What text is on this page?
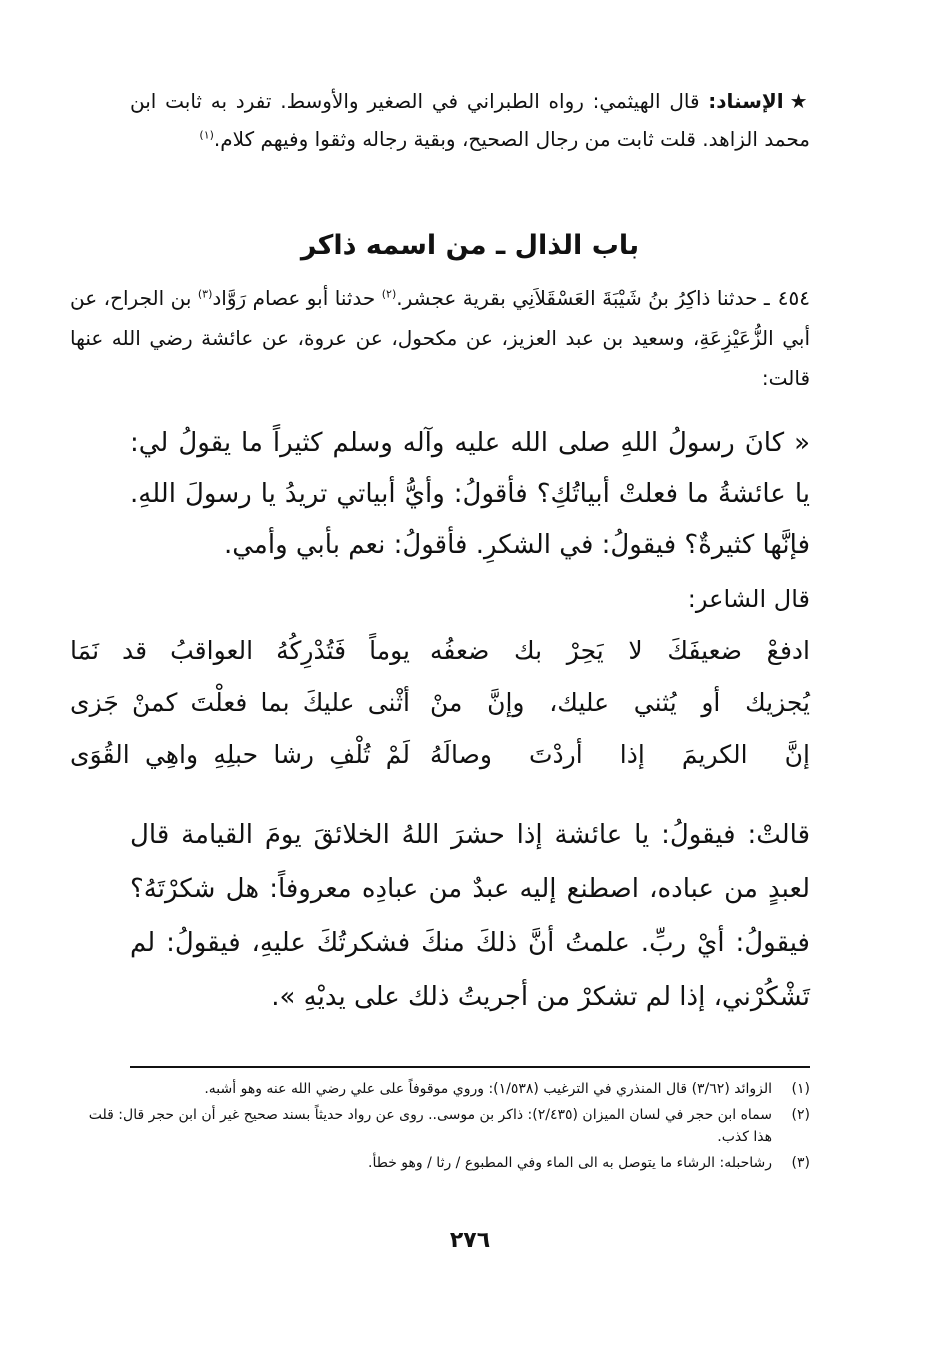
★الإسناد: قال الهيثمي: رواه الطبراني في الصغير والأوسط. تفرد به ثابت ابن محمد الزاهد. قلت ثابت من رجال الصحيح، وبقية رجاله وثقوا وفيهم كلام.$^{(١)}$
باب الذال ـ من اسمه ذاكر
٤٥٤ـ حدثنا ذاكِرُ بنُ شَيْبَةَ العَسْقَلاَنِي بقرية عجشر.$^{(٢)}$ حدثنا أبو عصام رَوَّاد$^{(٣)}$ بن الجراح، عن أبي الزُّعَيْزِعَةِ، وسعيد بن عبد العزيز، عن مكحول، عن عروة، عن عائشة رضي الله عنها قالت:
« كانَ رسولُ اللهِ صلى الله عليه وآله وسلم كثيراً ما يقولُ لي: يا عائشةُ ما فعلتْ أبياتُكِ؟ فأقولُ: وأيُّ أبياتي تريدُ يا رسولَ اللهِ. فإنَّها كثيرةٌ؟ فيقولُ: في الشكرِ. فأقولُ: نعم بأبي وأمي.
قال الشاعر:
ادفعْ ضعيفَكَ لا يَحِرْ بك ضعفُه
يوماً فَتُدْرِكُهُ العواقبُ قد نَمَا
يُجزيك أو يُثني عليك، وإنَّ منْ
أثْنى عليكَ بما فعلْتَ كمنْ جَزى
إنَّ الكريمَ إذا أردْتَ وصالَهُ
لَمْ تُلْفِ رشا حبلِهِ واهِي القُوَى
قالتْ: فيقولُ: يا عائشة إذا حشرَ اللهُ الخلائقَ يومَ القيامة قال لعبدٍ من عباده، اصطنع إليه عبدٌ من عبادِه معروفاً: هل شكرْتَهُ؟ فيقولُ: أيْ ربِّ. علمتُ أنَّ ذلكَ منكَ فشكرتُكَ عليهِ، فيقولُ: لم تَشْكُرْني، إذا لم تشكرْ من أجريتُ ذلك على يديْهِ ».
(١)
الزوائد (٣/٦٢) قال المنذري في الترغيب (١/٥٣٨): وروي موقوفاً على علي رضي الله عنه وهو أشبه.
(٢)
سماه ابن حجر في لسان الميزان (٢/٤٣٥): ذاكر بن موسى.. روى عن رواد حديثاً بسند صحيح غير أن ابن حجر قال: قلت هذا كذب.
(٣)
رشاحبله: الرشاء ما يتوصل به الى الماء وفي المطبوع / رثا / وهو خطأ.
٢٧٦
